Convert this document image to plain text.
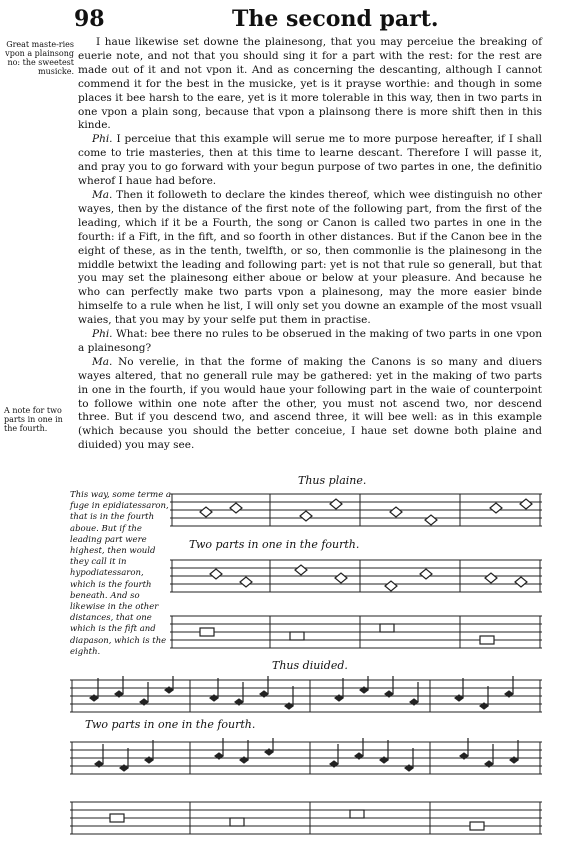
98	The second part.
Great maste-ries vpon a plainsong no: the sweetest musicke.
A note for two parts in one in the fourth.

I haue likewise set downe the plainesong, that you may perceiue the breaking of euerie note, and not that you should sing it for a part with the rest: for the rest are made out of it and not vpon it. And as concerning the descanting, although I cannot commend it for the best in the musicke, yet is it prayse worthie: and though in some places it bee harsh to the eare, yet is it more tolerable in this way, then in two parts in one vpon a plain song, because that vpon a plainsong there is more shift then in this kinde.

Phi. I perceiue that this example will serue me to more purpose hereafter, if I shall come to trie masteries, then at this time to learne descant. Therefore I will passe it, and pray you to go forward with your begun purpose of two partes in one, the definitio wherof I haue had before.

Ma. Then it followeth to declare the kindes thereof, which wee distinguish no other wayes, then by the distance of the first note of the following part, from the first of the leading, which if it be a Fourth, the song or Canon is called two partes in one in the fourth: if a Fift, in the fift, and so foorth in other distances. But if the Canon bee in the eight of these, as in the tenth, twelfth, or so, then commonlie is the plainesong in the middle betwixt the leading and following part: yet is not that rule so generall, but that you may set the plainesong either aboue or below at your pleasure. And because he who can perfectly make two parts vpon a plainesong, may the more easier binde himselfe to a rule when he list, I will only set you downe an example of the most vsuall waies, that you may by your selfe put them in practise.

Phi. What: bee there no rules to be obserued in the making of two parts in one vpon a plainesong?

Ma. No verelie, in that the forme of making the Canons is so many and diuers wayes altered, that no generall rule may be gathered: yet in the making of two parts in one in the fourth, if you would haue your following part in the waie of counterpoint to followe within one note after the other, you must not ascend two, nor descend three. But if you descend two, and ascend three, it will bee well: as in this example (which because you should the better conceiue, I haue set downe both plaine and diuided) you may see.

Thus plaine.
This way, some terme a fuge in epidiatessaron, that is in the fourth aboue. But if the leading part were highest, then would they call it in hypodiatessaron, which is the fourth beneath. And so likewise in the other distances, that one which is the fift and diapason, which is the eighth.
Two parts in one in the fourth.
Thus diuided.
Two parts in one in the fourth.
